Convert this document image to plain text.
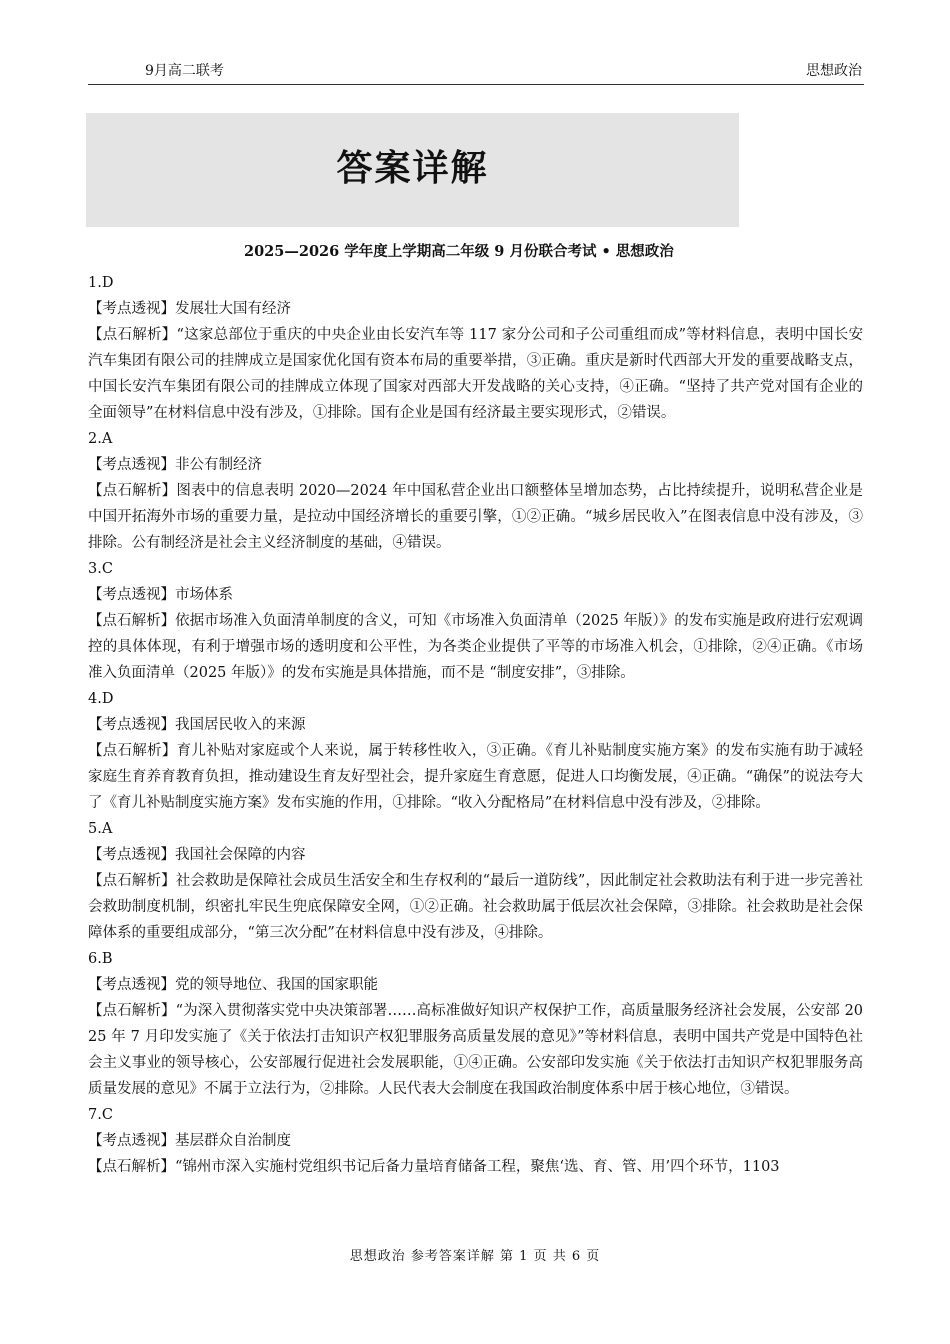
9月高二联考	思想政治
答案详解
2025—2026 学年度上学期高二年级 9 月份联合考试 • 思想政治
1.D
【考点透视】发展壮大国有经济
【点石解析】“这家总部位于重庆的中央企业由长安汽车等 117 家分公司和子公司重组而成”等材料信息，表明中国长安汽车集团有限公司的挂牌成立是国家优化国有资本布局的重要举措，③正确。重庆是新时代西部大开发的重要战略支点，中国长安汽车集团有限公司的挂牌成立体现了国家对西部大开发战略的关心支持，④正确。“坚持了共产党对国有企业的全面领导”在材料信息中没有涉及，①排除。国有企业是国有经济最主要实现形式，②错误。
2.A
【考点透视】非公有制经济
【点石解析】图表中的信息表明 2020—2024 年中国私营企业出口额整体呈增加态势，占比持续提升，说明私营企业是中国开拓海外市场的重要力量，是拉动中国经济增长的重要引擎，①②正确。“城乡居民收入”在图表信息中没有涉及，③排除。公有制经济是社会主义经济制度的基础，④错误。
3.C
【考点透视】市场体系
【点石解析】依据市场准入负面清单制度的含义，可知《市场准入负面清单（2025 年版）》的发布实施是政府进行宏观调控的具体体现，有利于增强市场的透明度和公平性，为各类企业提供了平等的市场准入机会，①排除，②④正确。《市场准入负面清单（2025 年版）》的发布实施是具体措施，而不是 “制度安排”，③排除。
4.D
【考点透视】我国居民收入的来源
【点石解析】育儿补贴对家庭或个人来说，属于转移性收入，③正确。《育儿补贴制度实施方案》的发布实施有助于减轻家庭生育养育教育负担，推动建设生育友好型社会，提升家庭生育意愿，促进人口均衡发展，④正确。“确保”的说法夸大了《育儿补贴制度实施方案》发布实施的作用，①排除。“收入分配格局”在材料信息中没有涉及，②排除。
5.A
【考点透视】我国社会保障的内容
【点石解析】社会救助是保障社会成员生活安全和生存权利的“最后一道防线”，因此制定社会救助法有利于进一步完善社会救助制度机制，织密扎牢民生兜底保障安全网，①②正确。社会救助属于低层次社会保障，③排除。社会救助是社会保障体系的重要组成部分，“第三次分配”在材料信息中没有涉及，④排除。
6.B
【考点透视】党的领导地位、我国的国家职能
【点石解析】“为深入贯彻落实党中央决策部署……高标准做好知识产权保护工作，高质量服务经济社会发展，公安部 2025 年 7 月印发实施了《关于依法打击知识产权犯罪服务高质量发展的意见》”等材料信息，表明中国共产党是中国特色社会主义事业的领导核心，公安部履行促进社会发展职能，①④正确。公安部印发实施《关于依法打击知识产权犯罪服务高质量发展的意见》不属于立法行为，②排除。人民代表大会制度在我国政治制度体系中居于核心地位，③错误。
7.C
【考点透视】基层群众自治制度
【点石解析】“锦州市深入实施村党组织书记后备力量培育储备工程，聚焦‘选、育、管、用’四个环节，1103
思想政治 参考答案详解 第 1 页 共 6 页
